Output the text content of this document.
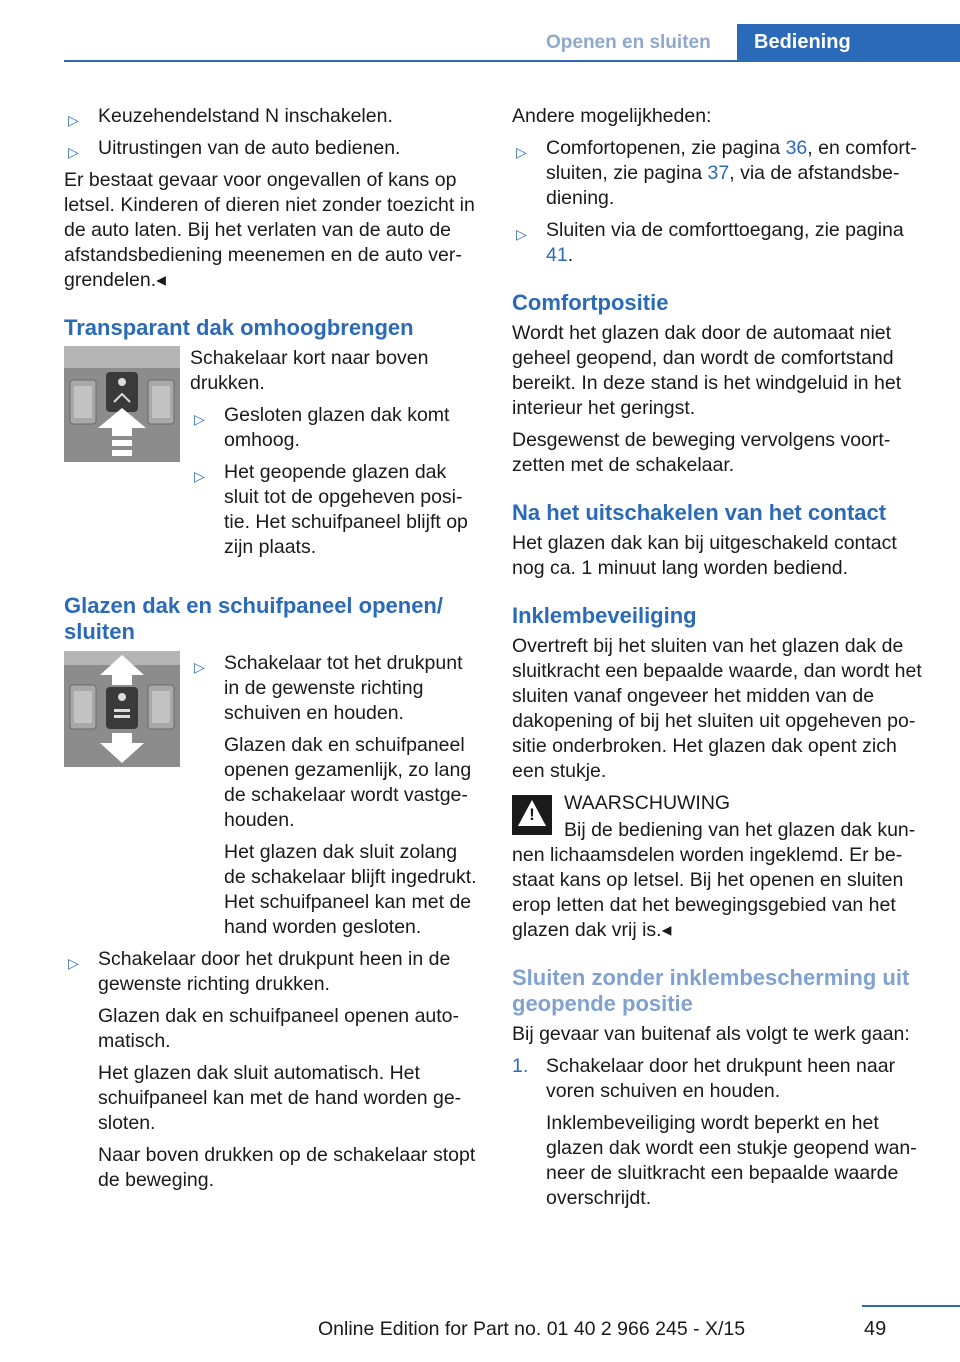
Openen en sluiten	Bediening
▷ Keuzehendelstand N inschakelen.
▷ Uitrustingen van de auto bedienen.

Er bestaat gevaar voor ongevallen of kans op letsel. Kinderen of dieren niet zonder toezicht in de auto laten. Bij het verlaten van de auto de afstandsbediening meenemen en de auto vergrendelen.◂

Transparant dak omhoogbrengen

Schakelaar kort naar boven drukken.

▷ Gesloten glazen dak komt omhoog.
▷ Het geopende glazen dak sluit tot de opgeheven positie. Het schuifpaneel blijft op zijn plaats.
Glazen dak en schuifpaneel openen/ sluiten
▷ Schakelaar tot het drukpunt in de gewenste richting schuiven en houden.
Glazen dak en schuifpaneel openen gezamenlijk, zo lang de schakelaar wordt vastgehouden.
Het glazen dak sluit zolang de schakelaar blijft ingedrukt. Het schuifpaneel kan met de hand worden gesloten.
▷ Schakelaar door het drukpunt heen in de gewenste richting drukken.
Glazen dak en schuifpaneel openen automatisch.
Het glazen dak sluit automatisch. Het schuifpaneel kan met de hand worden gesloten.
Naar boven drukken op de schakelaar stopt de beweging.

Andere mogelijkheden:

▷ Comfortopenen, zie pagina 36, en comfortsluiten, zie pagina 37, via de afstandsbediening.
▷ Sluiten via de comforttoegang, zie pagina 41.
Comfortpositie

Wordt het glazen dak door de automaat niet geheel geopend, dan wordt de comfortstand bereikt. In deze stand is het windgeluid in het interieur het geringst.

Desgewenst de beweging vervolgens voortzetten met de schakelaar.

Na het uitschakelen van het contact

Het glazen dak kan bij uitgeschakeld contact nog ca. 1 minuut lang worden bediend.

Inklembeveiliging

Overtreft bij het sluiten van het glazen dak de sluitkracht een bepaalde waarde, dan wordt het sluiten vanaf ongeveer het midden van de dakopening of bij het sluiten uit opgeheven positie onderbroken. Het glazen dak opent zich een stukje.

!

WAARSCHUWING

Bij de bediening van het glazen dak kunnen lichaamsdelen worden ingeklemd. Er bestaat kans op letsel. Bij het openen en sluiten erop letten dat het bewegingsgebied van het glazen dak vrij is.◂

Sluiten zonder inklembescherming uit geopende positie

Bij gevaar van buitenaf als volgt te werk gaan:

1. Schakelaar door het drukpunt heen naar voren schuiven en houden.
Inklembeveiliging wordt beperkt en het glazen dak wordt een stukje geopend wanneer de sluitkracht een bepaalde waarde overschrijdt.
49
Online Edition for Part no. 01 40 2 966 245 - X/15
